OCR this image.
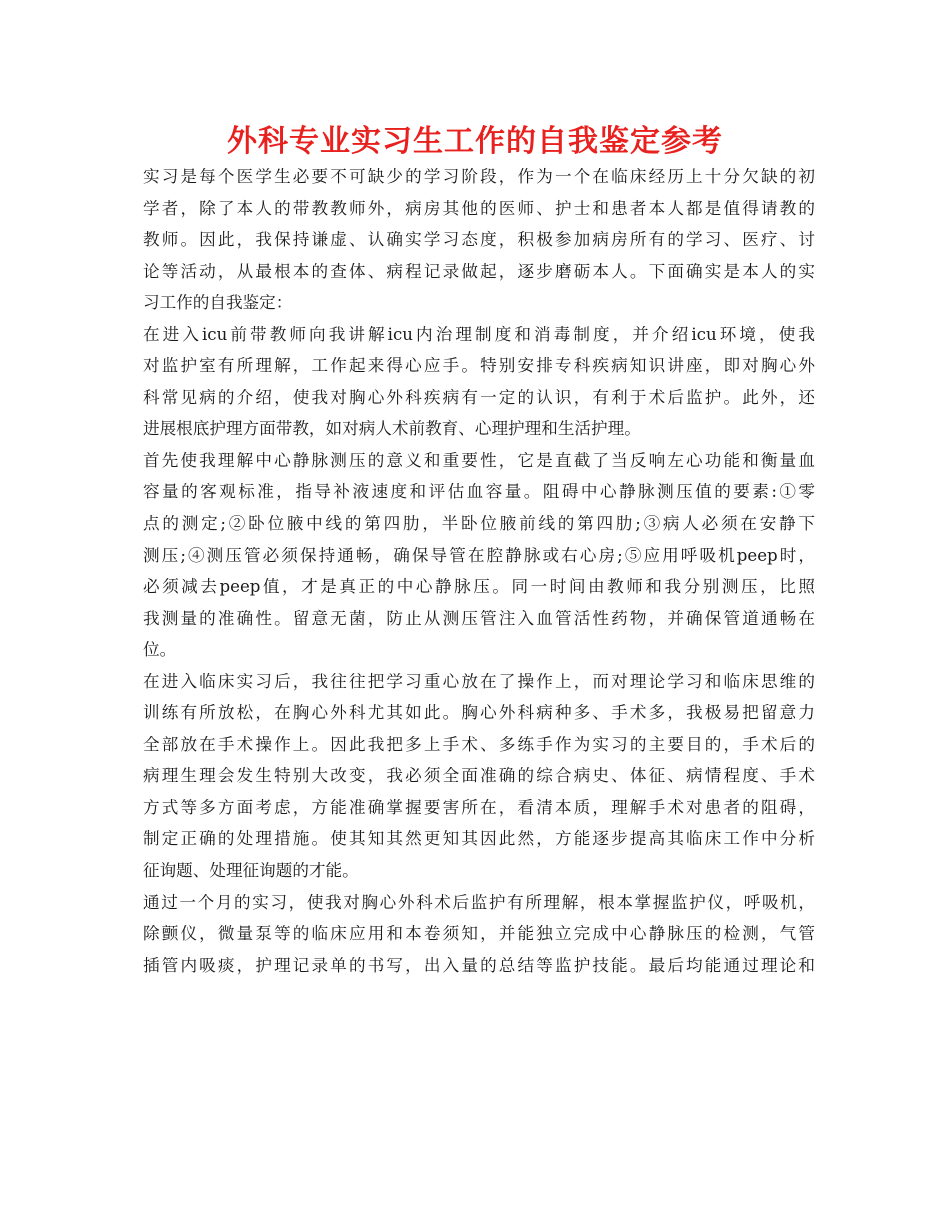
外科专业实习生工作的自我鉴定参考
实习是每个医学生必要不可缺少的学习阶段，作为一个在临床经历上十分欠缺的初
学者，除了本人的带教教师外，病房其他的医师、护士和患者本人都是值得请教的
教师。因此，我保持谦虚、认确实学习态度，积极参加病房所有的学习、医疗、讨
论等活动，从最根本的查体、病程记录做起，逐步磨砺本人。下面确实是本人的实
习工作的自我鉴定：
在进入icu前带教师向我讲解icu内治理制度和消毒制度，并介绍icu环境，使我
对监护室有所理解，工作起来得心应手。特别安排专科疾病知识讲座，即对胸心外
科常见病的介绍，使我对胸心外科疾病有一定的认识，有利于术后监护。此外，还
进展根底护理方面带教，如对病人术前教育、心理护理和生活护理。
首先使我理解中心静脉测压的意义和重要性，它是直截了当反响左心功能和衡量血
容量的客观标准，指导补液速度和评估血容量。阻碍中心静脉测压值的要素:①零
点的测定;②卧位腋中线的第四肋，半卧位腋前线的第四肋;③病人必须在安静下
测压;④测压管必须保持通畅，确保导管在腔静脉或右心房;⑤应用呼吸机peep时，
必须减去peep值，才是真正的中心静脉压。同一时间由教师和我分别测压，比照
我测量的准确性。留意无菌，防止从测压管注入血管活性药物，并确保管道通畅在
位。
在进入临床实习后，我往往把学习重心放在了操作上，而对理论学习和临床思维的
训练有所放松，在胸心外科尤其如此。胸心外科病种多、手术多，我极易把留意力
全部放在手术操作上。因此我把多上手术、多练手作为实习的主要目的，手术后的
病理生理会发生特别大改变，我必须全面准确的综合病史、体征、病情程度、手术
方式等多方面考虑，方能准确掌握要害所在，看清本质，理解手术对患者的阻碍，
制定正确的处理措施。使其知其然更知其因此然，方能逐步提高其临床工作中分析
征询题、处理征询题的才能。
通过一个月的实习，使我对胸心外科术后监护有所理解，根本掌握监护仪，呼吸机，
除颤仪，微量泵等的临床应用和本卷须知，并能独立完成中心静脉压的检测，气管
插管内吸痰，护理记录单的书写，出入量的总结等监护技能。最后均能通过理论和
